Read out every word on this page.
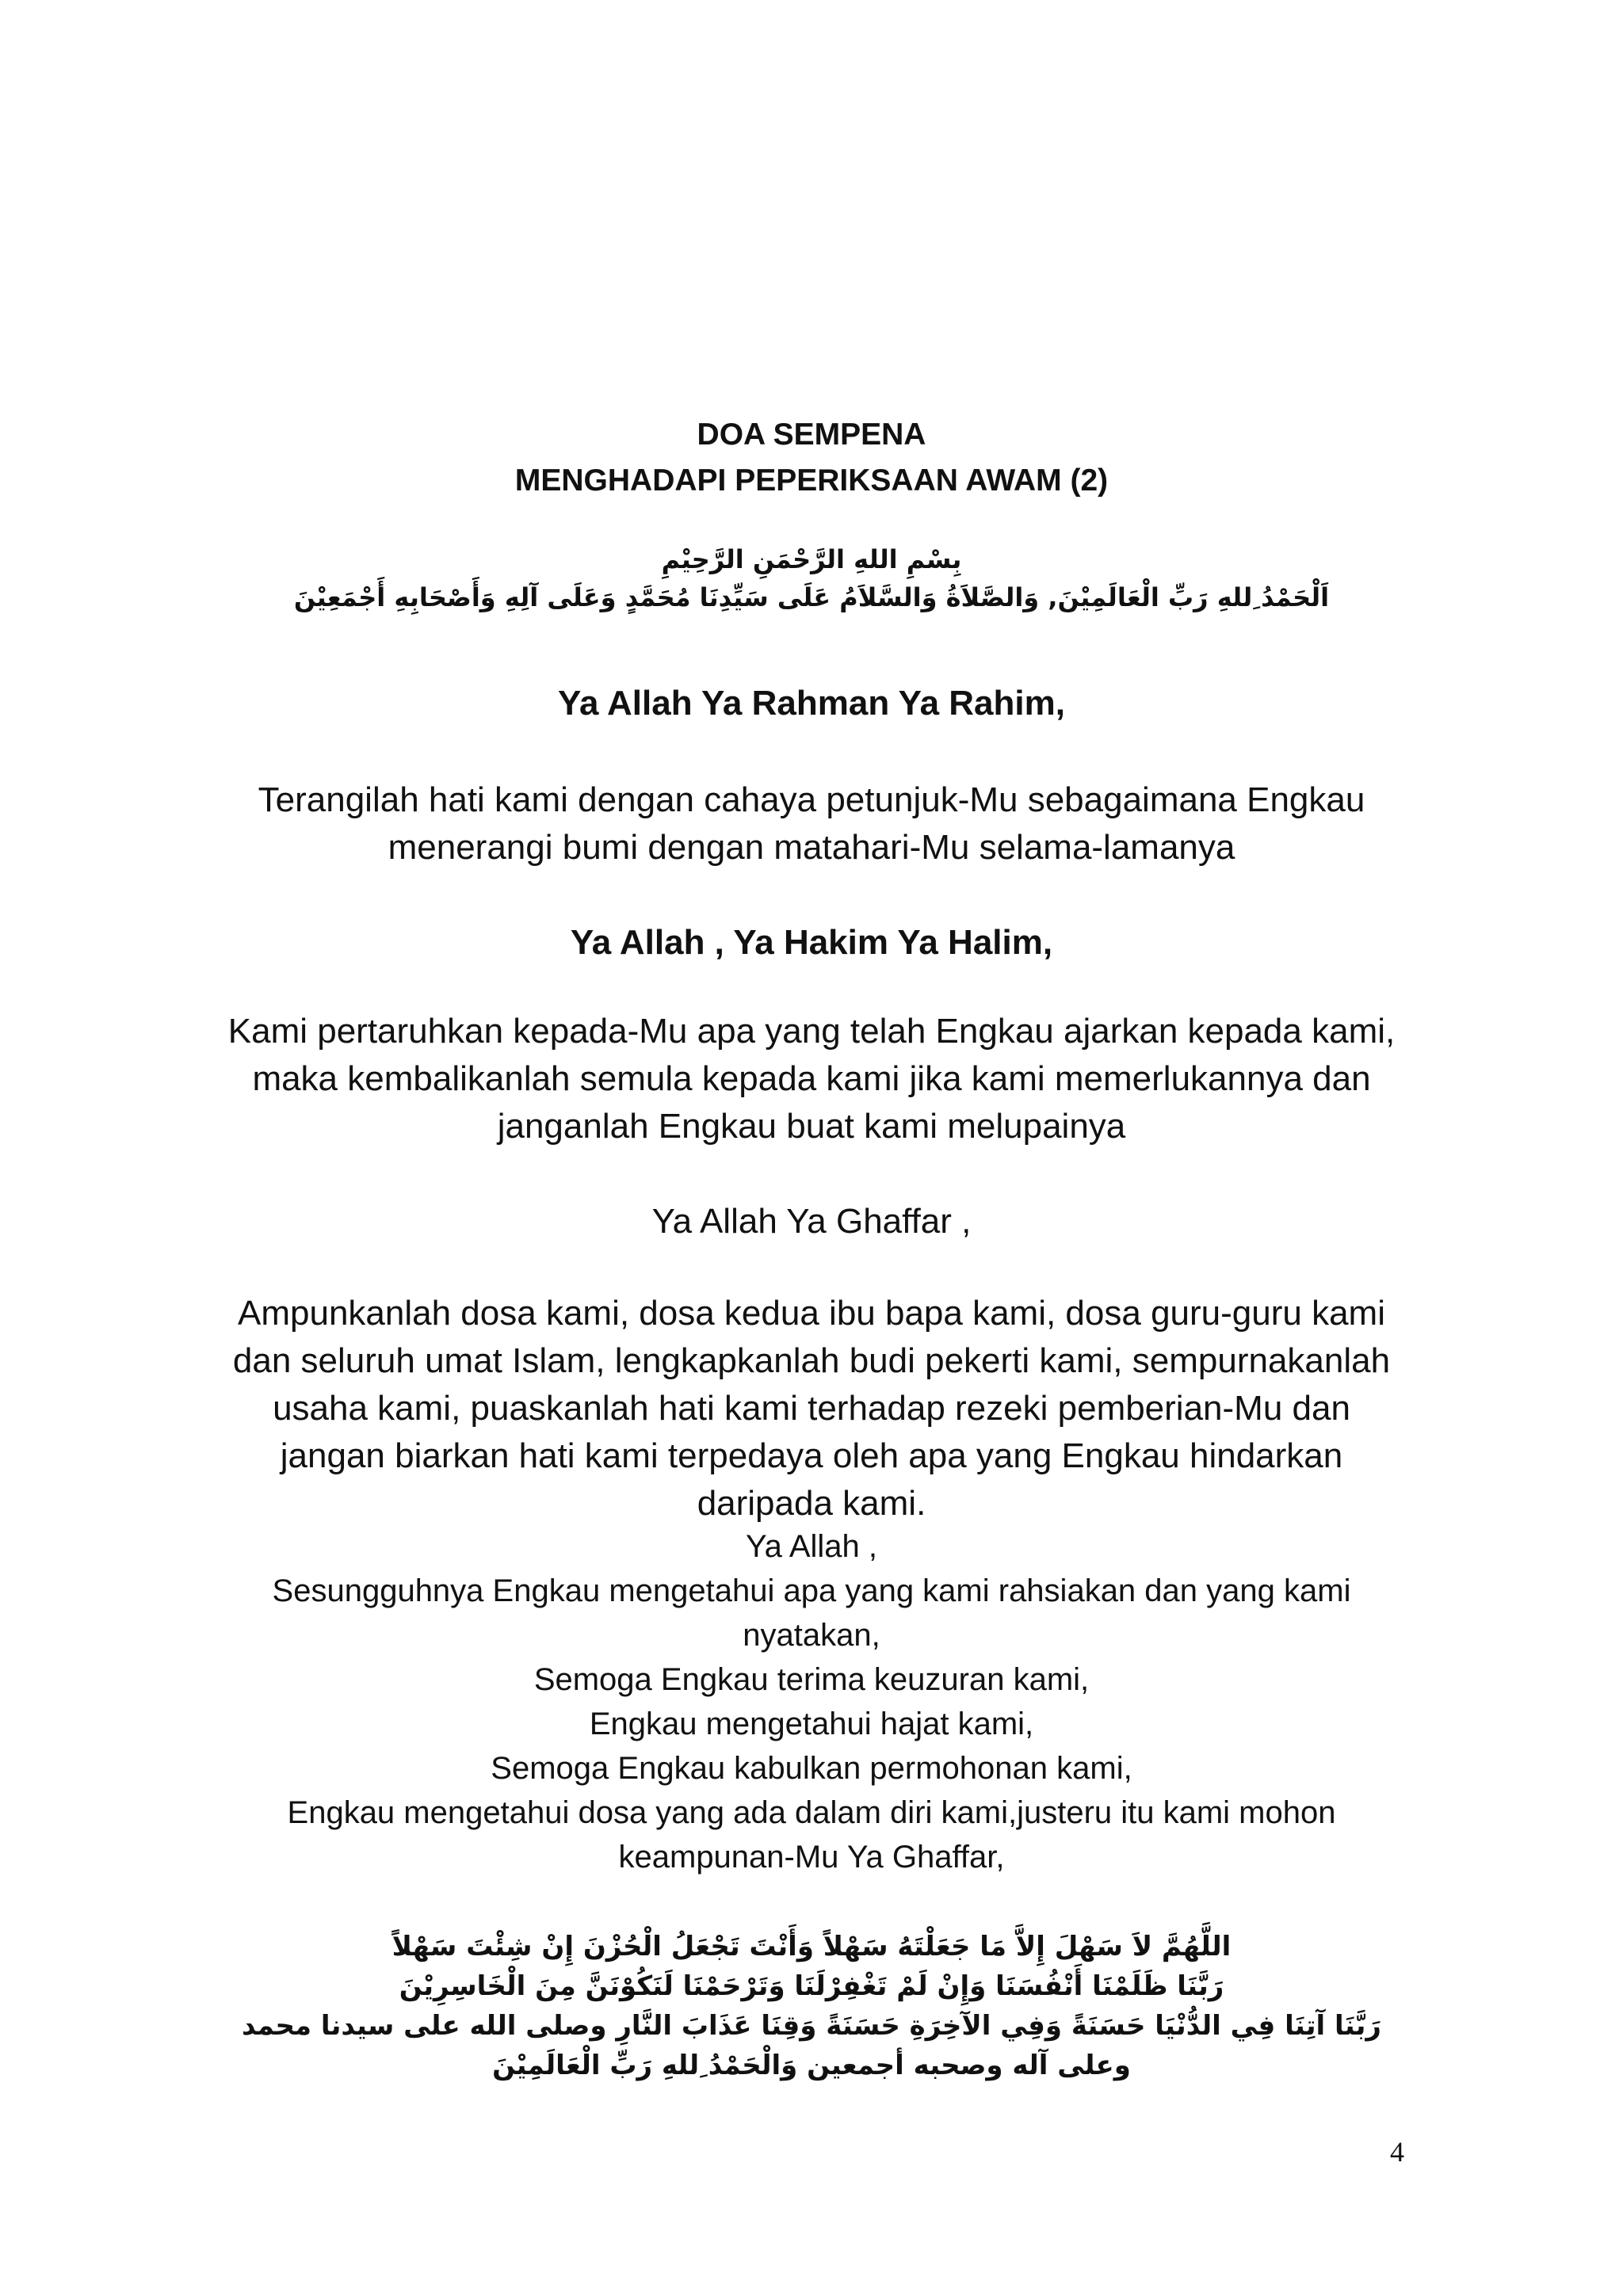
DOA SEMPENA
MENGHADAPI PEPERIKSAAN AWAM (2)
بِسْمِ اللهِ الرَّحْمَنِ الرَّحِيْمِ
اَلْحَمْدُ ِللهِ رَبِّ الْعَالَمِيْنَ, وَالصَّلاَةُ وَالسَّلاَمُ عَلَى سَيِّدِنَا مُحَمَّدٍ وَعَلَى آلِهِ وَأَصْحَابِهِ أَجْمَعِيْنَ
Ya Allah Ya Rahman Ya Rahim,
Terangilah hati kami dengan cahaya petunjuk-Mu sebagaimana Engkau
menerangi bumi dengan matahari-Mu selama-lamanya
Ya Allah , Ya Hakim Ya Halim,
Kami pertaruhkan kepada-Mu apa yang telah Engkau ajarkan kepada kami,
maka kembalikanlah semula kepada kami jika kami memerlukannya dan
janganlah Engkau buat kami melupainya
Ya Allah Ya Ghaffar ,
Ampunkanlah dosa kami, dosa kedua ibu bapa kami, dosa guru-guru kami
dan seluruh umat Islam, lengkapkanlah budi pekerti kami, sempurnakanlah
usaha kami, puaskanlah hati kami terhadap rezeki pemberian-Mu dan
jangan biarkan hati kami terpedaya oleh apa yang Engkau hindarkan
daripada kami.
Ya Allah ,
Sesungguhnya Engkau mengetahui apa yang kami rahsiakan dan yang kami
nyatakan,
Semoga Engkau terima keuzuran kami,
Engkau mengetahui hajat kami,
Semoga Engkau kabulkan permohonan kami,
Engkau mengetahui dosa yang ada dalam diri kami,justeru itu kami mohon
keampunan-Mu Ya Ghaffar,
اللَّهُمَّ لاَ سَهْلَ إِلاَّ مَا جَعَلْتَهُ سَهْلاً وَأَنْتَ تَجْعَلُ الْحُزْنَ إِنْ شِئْتَ سَهْلاً
رَبَّنَا ظَلَمْنَا أَنْفُسَنَا وَإِنْ لَمْ تَغْفِرْلَنَا وَتَرْحَمْنَا لَنَكُوْنَنَّ مِنَ الْخَاسِرِيْنَ
رَبَّنَا آتِنَا فِي الدُّنْيَا حَسَنَةً وَفِي الآخِرَةِ حَسَنَةً وَقِنَا عَذَابَ النَّارِ وصلى الله على سيدنا محمد
وعلى آله وصحبه أجمعين وَالْحَمْدُ ِللهِ رَبِّ الْعَالَمِيْنَ
4
